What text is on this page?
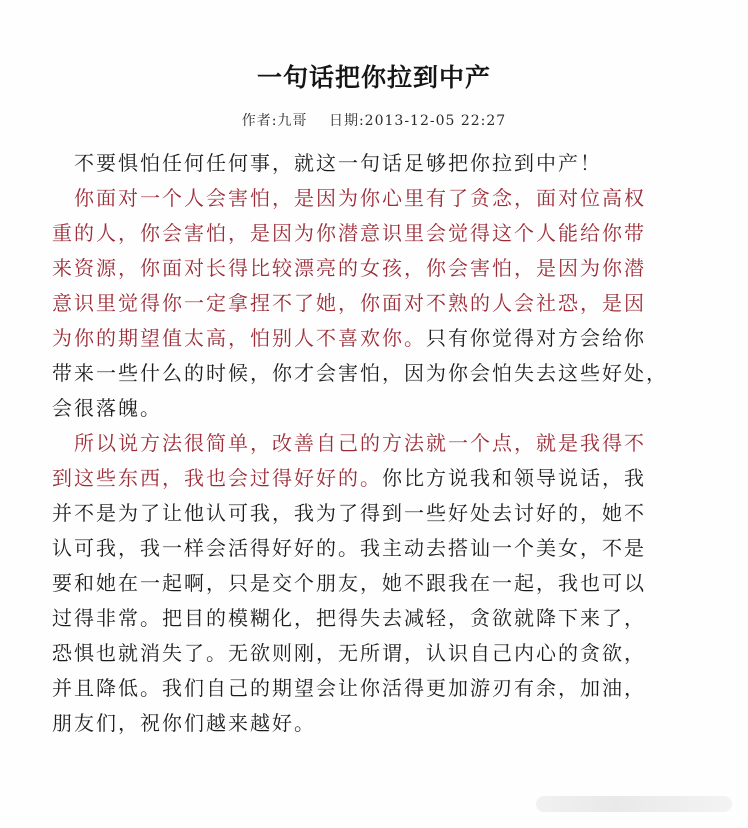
一句话把你拉到中产
作者:九哥 日期:2013-12-05 22:27
不要惧怕任何任何事，就这一句话足够把你拉到中产！
你面对一个人会害怕，是因为你心里有了贪念，面对位高权
重的人，你会害怕，是因为你潜意识里会觉得这个人能给你带
来资源，你面对长得比较漂亮的女孩，你会害怕，是因为你潜
意识里觉得你一定拿捏不了她，你面对不熟的人会社恐，是因
为你的期望值太高，怕别人不喜欢你。只有你觉得对方会给你
带来一些什么的时候，你才会害怕，因为你会怕失去这些好处，
会很落魄。
所以说方法很简单，改善自己的方法就一个点，就是我得不
到这些东西，我也会过得好好的。你比方说我和领导说话，我
并不是为了让他认可我，我为了得到一些好处去讨好的，她不
认可我，我一样会活得好好的。我主动去搭讪一个美女，不是
要和她在一起啊，只是交个朋友，她不跟我在一起，我也可以
过得非常。把目的模糊化，把得失去减轻，贪欲就降下来了，
恐惧也就消失了。无欲则刚，无所谓，认识自己内心的贪欲，
并且降低。我们自己的期望会让你活得更加游刃有余，加油，
朋友们，祝你们越来越好。
